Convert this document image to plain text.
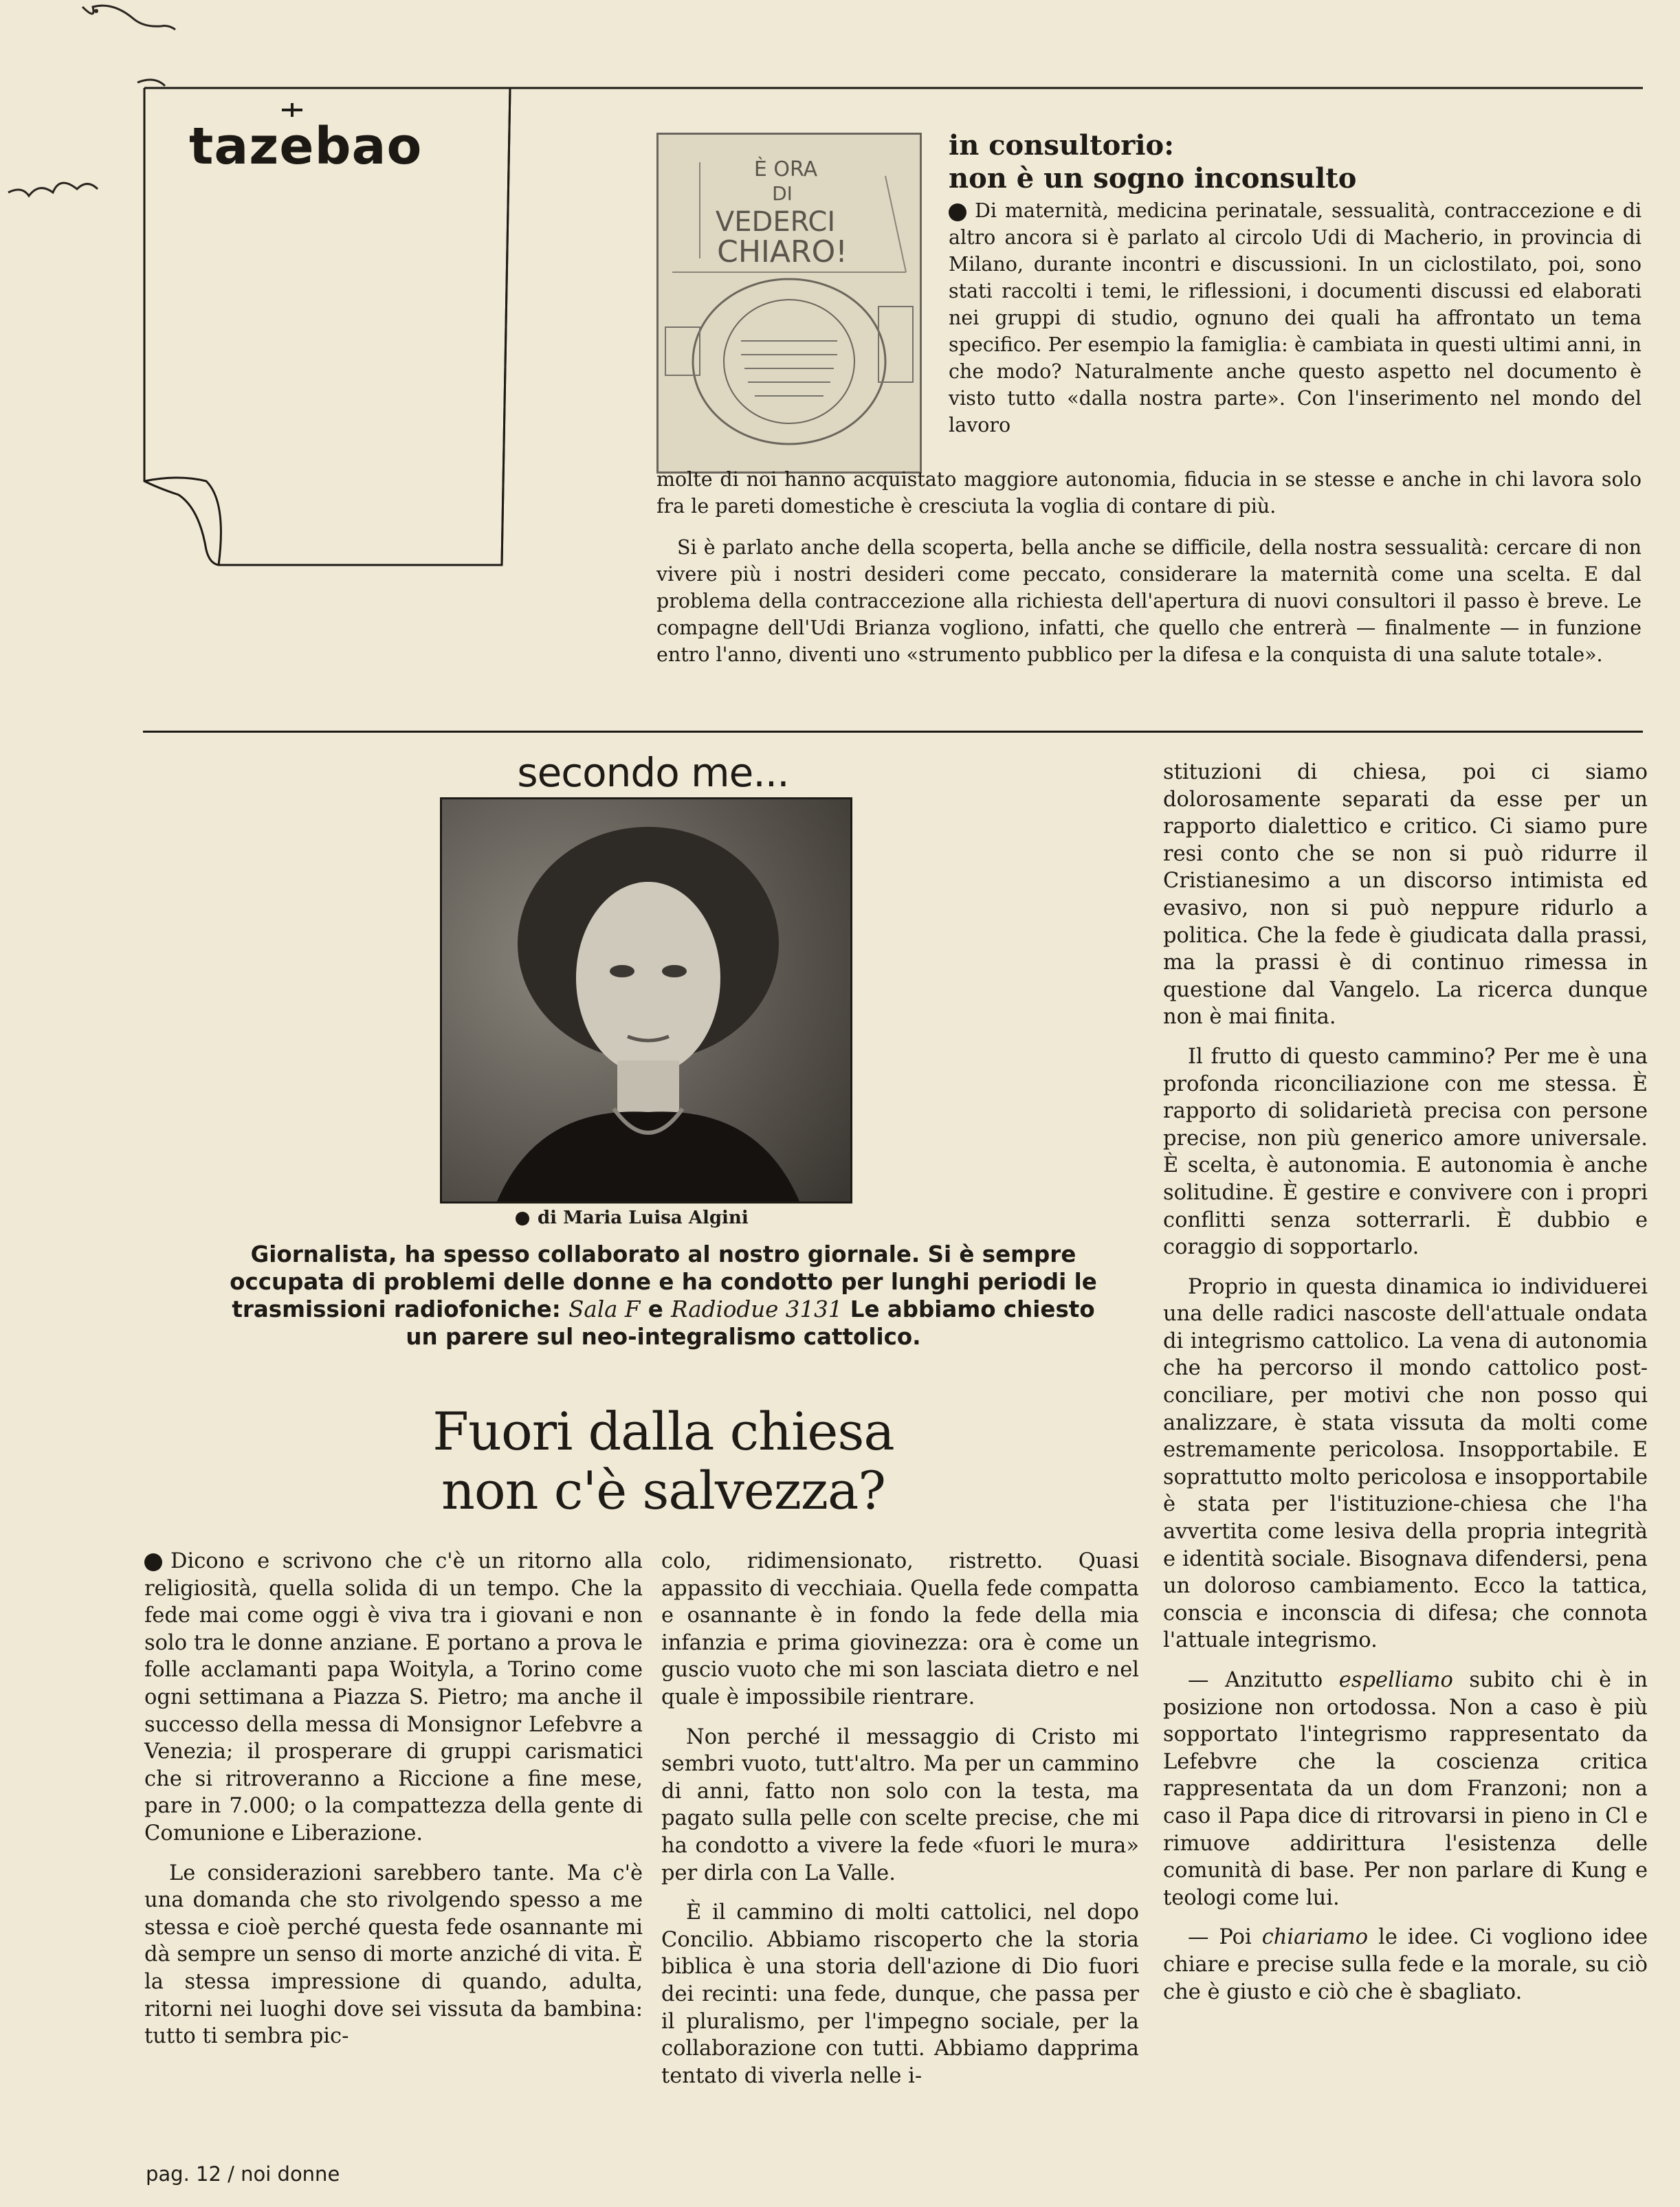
tazebao	È ORA
DI
VEDERCI
CHIARO!
in consultorio:
non è un sogno inconsulto
Di maternità, medicina perinatale, sessualità, contraccezione e di altro ancora si è parlato al circolo Udi di Macherio, in provincia di Milano, durante incontri e discussioni. In un ciclostilato, poi, sono stati raccolti i temi, le riflessioni, i documenti discussi ed elaborati nei gruppi di studio, ognuno dei quali ha affrontato un tema specifico. Per esempio la famiglia: è cambiata in questi ultimi anni, in che modo? Naturalmente anche questo aspetto nel documento è visto tutto «dalla nostra parte». Con l'inserimento nel mondo del lavoro
molte di noi hanno acquistato maggiore autonomia, fiducia in se stesse e anche in chi lavora solo fra le pareti domestiche è cresciuta la voglia di contare di più.
Si è parlato anche della scoperta, bella anche se difficile, della nostra sessualità: cercare di non vivere più i nostri desideri come peccato, considerare la maternità come una scelta. E dal problema della contraccezione alla richiesta dell'apertura di nuovi consultori il passo è breve. Le compagne dell'Udi Brianza vogliono, infatti, che quello che entrerà — finalmente — in funzione entro l'anno, diventi uno «strumento pubblico per la difesa e la conquista di una salute totale».
secondo me...
di Maria Luisa Algini
Giornalista, ha spesso collaborato al nostro giornale. Si è sempre occupata di problemi delle donne e ha condotto per lunghi periodi le trasmissioni radiofoniche: Sala F e Radiodue 3131 Le abbiamo chiesto un parere sul neo-integralismo cattolico.
Fuori dalla chiesa
non c'è salvezza?

Dicono e scrivono che c'è un ritorno alla religiosità, quella solida di un tempo. Che la fede mai come oggi è viva tra i giovani e non solo tra le donne anziane. E portano a prova le folle acclamanti papa Woityla, a Torino come ogni settimana a Piazza S. Pietro; ma anche il successo della messa di Monsignor Lefebvre a Venezia; il prosperare di gruppi carismatici che si ritroveranno a Riccione a fine mese, pare in 7.000; o la compattezza della gente di Comunione e Liberazione.

Le considerazioni sarebbero tante. Ma c'è una domanda che sto rivolgendo spesso a me stessa e cioè perché questa fede osannante mi dà sempre un senso di morte anziché di vita. È la stessa impressione di quando, adulta, ritorni nei luoghi dove sei vissuta da bambina: tutto ti sembra pic-

colo, ridimensionato, ristretto. Quasi appassito di vecchiaia. Quella fede compatta e osannante è in fondo la fede della mia infanzia e prima giovinezza: ora è come un guscio vuoto che mi son lasciata dietro e nel quale è impossibile rientrare.

Non perché il messaggio di Cristo mi sembri vuoto, tutt'altro. Ma per un cammino di anni, fatto non solo con la testa, ma pagato sulla pelle con scelte precise, che mi ha condotto a vivere la fede «fuori le mura» per dirla con La Valle.

È il cammino di molti cattolici, nel dopo Concilio. Abbiamo riscoperto che la storia biblica è una storia dell'azione di Dio fuori dei recinti: una fede, dunque, che passa per il pluralismo, per l'impegno sociale, per la collaborazione con tutti. Abbiamo dapprima tentato di viverla nelle i-

stituzioni di chiesa, poi ci siamo dolorosamente separati da esse per un rapporto dialettico e critico. Ci siamo pure resi conto che se non si può ridurre il Cristianesimo a un discorso intimista ed evasivo, non si può neppure ridurlo a politica. Che la fede è giudicata dalla prassi, ma la prassi è di continuo rimessa in questione dal Vangelo. La ricerca dunque non è mai finita.

Il frutto di questo cammino? Per me è una profonda riconciliazione con me stessa. È rapporto di solidarietà precisa con persone precise, non più generico amore universale. È scelta, è autonomia. E autonomia è anche solitudine. È gestire e convivere con i propri conflitti senza sotterrarli. È dubbio e coraggio di sopportarlo.

Proprio in questa dinamica io individuerei una delle radici nascoste dell'attuale ondata di integrismo cattolico. La vena di autonomia che ha percorso il mondo cattolico post-conciliare, per motivi che non posso qui analizzare, è stata vissuta da molti come estremamente pericolosa. Insopportabile. E soprattutto molto pericolosa e insopportabile è stata per l'istituzione-chiesa che l'ha avvertita come lesiva della propria integrità e identità sociale. Bisognava difendersi, pena un doloroso cambiamento. Ecco la tattica, conscia e inconscia di difesa; che connota l'attuale integrismo.

— Anzitutto espelliamo subito chi è in posizione non ortodossa. Non a caso è più sopportato l'integrismo rappresentato da Lefebvre che la coscienza critica rappresentata da un dom Franzoni; non a caso il Papa dice di ritrovarsi in pieno in Cl e rimuove addirittura l'esistenza delle comunità di base. Per non parlare di Kung e teologi come lui.

— Poi chiariamo le idee. Ci vogliono idee chiare e precise sulla fede e la morale, su ciò che è giusto e ciò che è sbagliato.

pag. 12 / noi donne
